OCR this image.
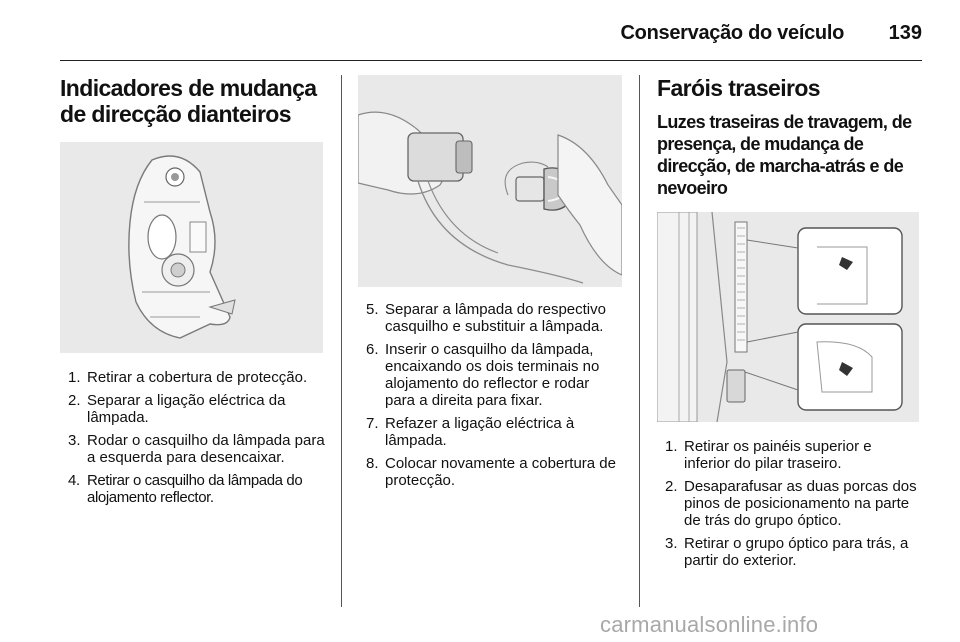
Conservação do veículo 139
Indicadores de mudança de direcção dianteiros
1. Retirar a cobertura de protecção.
2. Separar a ligação eléctrica da lâmpada.
3. Rodar o casquilho da lâmpada para a esquerda para desencaixar.
4. Retirar o casquilho da lâmpada do alojamento reflector.
5. Separar a lâmpada do respectivo casquilho e substituir a lâmpada.
6. Inserir o casquilho da lâmpada, encaixando os dois terminais no alojamento do reflector e rodar para a direita para fixar.
7. Refazer a ligação eléctrica à lâmpada.
8. Colocar novamente a cobertura de protecção.
Faróis traseiros
Luzes traseiras de travagem, de presença, de mudança de direcção, de marcha-atrás e de nevoeiro
1. Retirar os painéis superior e inferior do pilar traseiro.
2. Desaparafusar as duas porcas dos pinos de posicionamento na parte de trás do grupo óptico.
3. Retirar o grupo óptico para trás, a partir do exterior.
carmanualsonline.info
